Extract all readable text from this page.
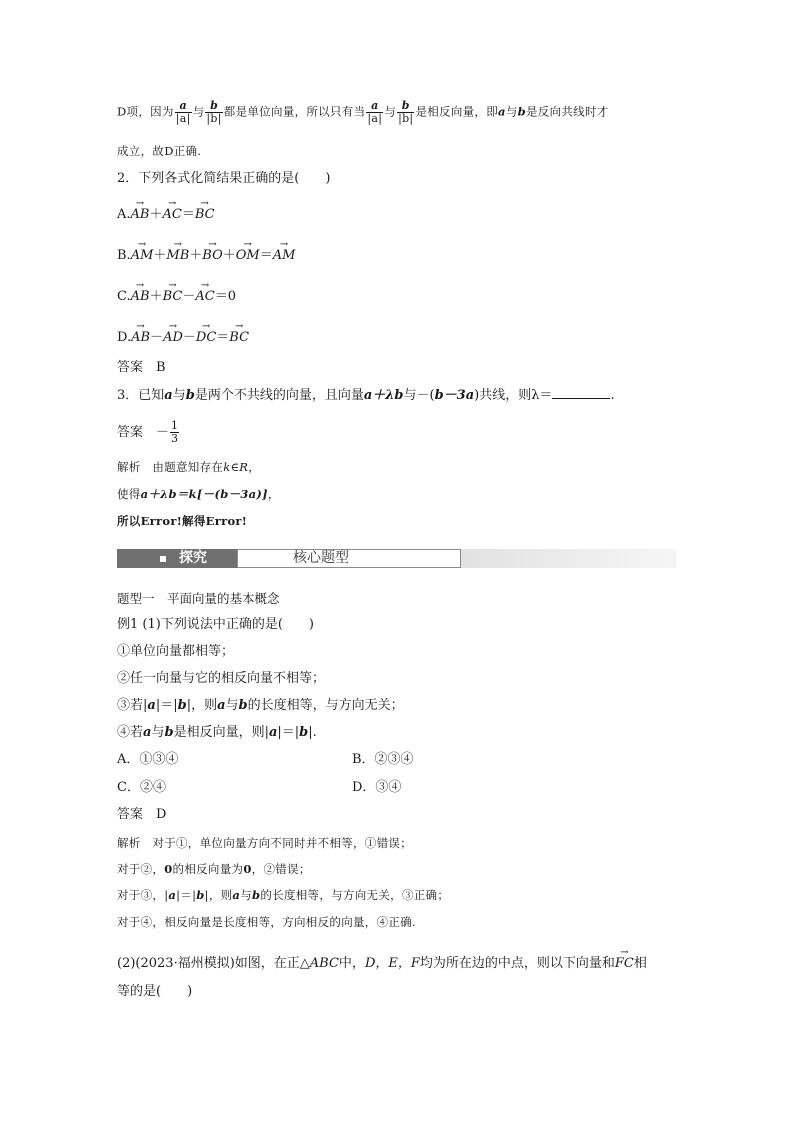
D项，因为 $\frac{a}{|a|}$ 与 $\frac{b}{|b|}$ 都是单位向量，所以只有当 $\frac{a}{|a|}$ 与 $\frac{b}{|b|}$ 是相反向量，即a与b是反向共线时才
成立，故D正确.
2．下列各式化简结果正确的是(　　)
A.→ AB＋→ AC＝→ BC
B.→ AM＋→ MB＋→ BO＋→ OM＝→ AM
C.→ AB＋→ BC－→ AC＝0
D.→ AB－→ AD－→ DC＝→ BC
答案　B
3．已知a与b是两个不共线的向量，且向量a＋λb与－(b－3a)共线，则λ＝	.
答案　－ $\frac{1}{3}$
解析　由题意知存在k∈R，
使得a＋λb＝k[－(b－3a)]，
所以Error!解得Error!
探究	核心题型
题型一　平面向量的基本概念
例1 (1)下列说法中正确的是(　　)
①单位向量都相等；
②任一向量与它的相反向量不相等；
③若|a|＝|b|，则a与b的长度相等，与方向无关；
④若a与b是相反向量，则|a|＝|b|.
A．①③④	B．②③④
C．②④	D．③④
答案　D
解析　对于①，单位向量方向不同时并不相等，①错误；
对于②，0的相反向量为0，②错误；
对于③，|a|＝|b|，则a与b的长度相等，与方向无关，③正确；
对于④，相反向量是长度相等，方向相反的向量，④正确.
(2)(2023·福州模拟)如图，在正△ABC中，D，E，F均为所在边的中点，则以下向量和→ FC相
等的是(　　)
